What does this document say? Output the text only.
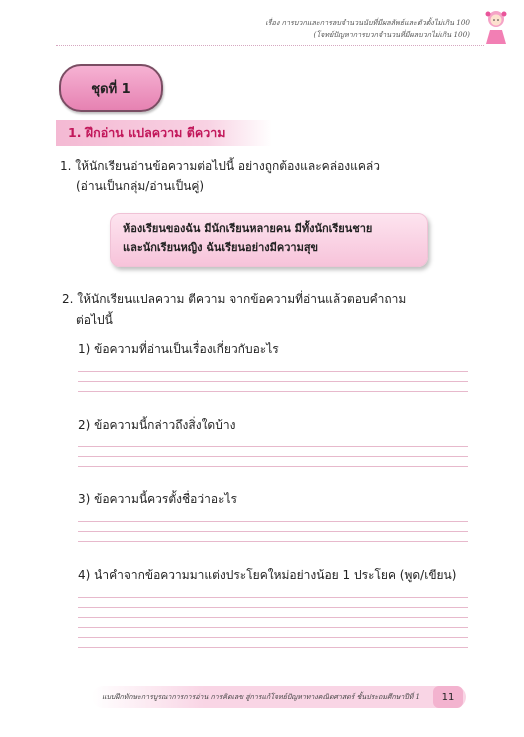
เรื่อง การบวกและการลบจำนวนนับที่มีผลลัพธ์และตัวตั้งไม่เกิน 100
(โจทย์ปัญหาการบวกจำนวนที่มีผลบวกไม่เกิน 100)
ชุดที่ 1
1. ฝึกอ่าน แปลความ ตีความ
1. ให้นักเรียนอ่านข้อความต่อไปนี้ อย่างถูกต้องและคล่องแคล่ว
(อ่านเป็นกลุ่ม/อ่านเป็นคู่)
ห้องเรียนของฉัน มีนักเรียนหลายคน มีทั้งนักเรียนชาย
และนักเรียนหญิง ฉันเรียนอย่างมีความสุข
2. ให้นักเรียนแปลความ ตีความ จากข้อความที่อ่านแล้วตอบคำถาม
ต่อไปนี้
1) ข้อความที่อ่านเป็นเรื่องเกี่ยวกับอะไร
2) ข้อความนี้กล่าวถึงสิ่งใดบ้าง
3) ข้อความนี้ควรตั้งชื่อว่าอะไร
4) นำคำจากข้อความมาแต่งประโยคใหม่อย่างน้อย 1 ประโยค (พูด/เขียน)
แบบฝึกทักษะการบูรณาการการอ่าน การคิดเลข สู่การแก้โจทย์ปัญหาทางคณิตศาสตร์ ชั้นประถมศึกษาปีที่ 1	11
